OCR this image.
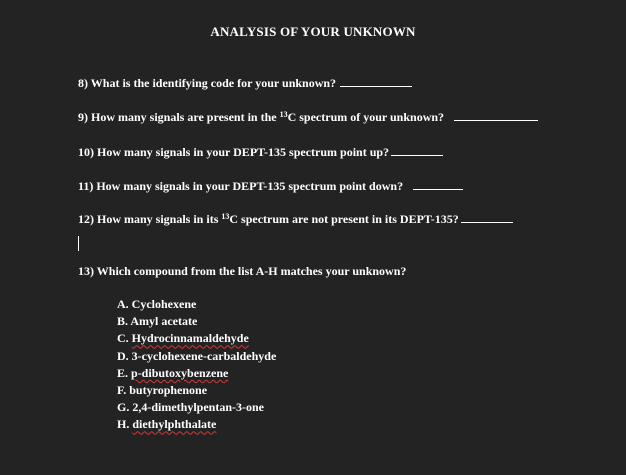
ANALYSIS OF YOUR UNKNOWN
8) What is the identifying code for your unknown?
9) How many signals are present in the $^{13}$C spectrum of your unknown?
10) How many signals in your DEPT-135 spectrum point up?
11) How many signals in your DEPT-135 spectrum point down?
12) How many signals in its $^{13}$C spectrum are not present in its DEPT-135?
13) Which compound from the list A-H matches your unknown?
A. Cyclohexene
B. Amyl acetate
C. Hydrocinnamaldehyde
D. 3-cyclohexene-carbaldehyde
E. p-dibutoxybenzene
F. butyrophenone
G. 2,4-dimethylpentan-3-one
H. diethylphthalate
